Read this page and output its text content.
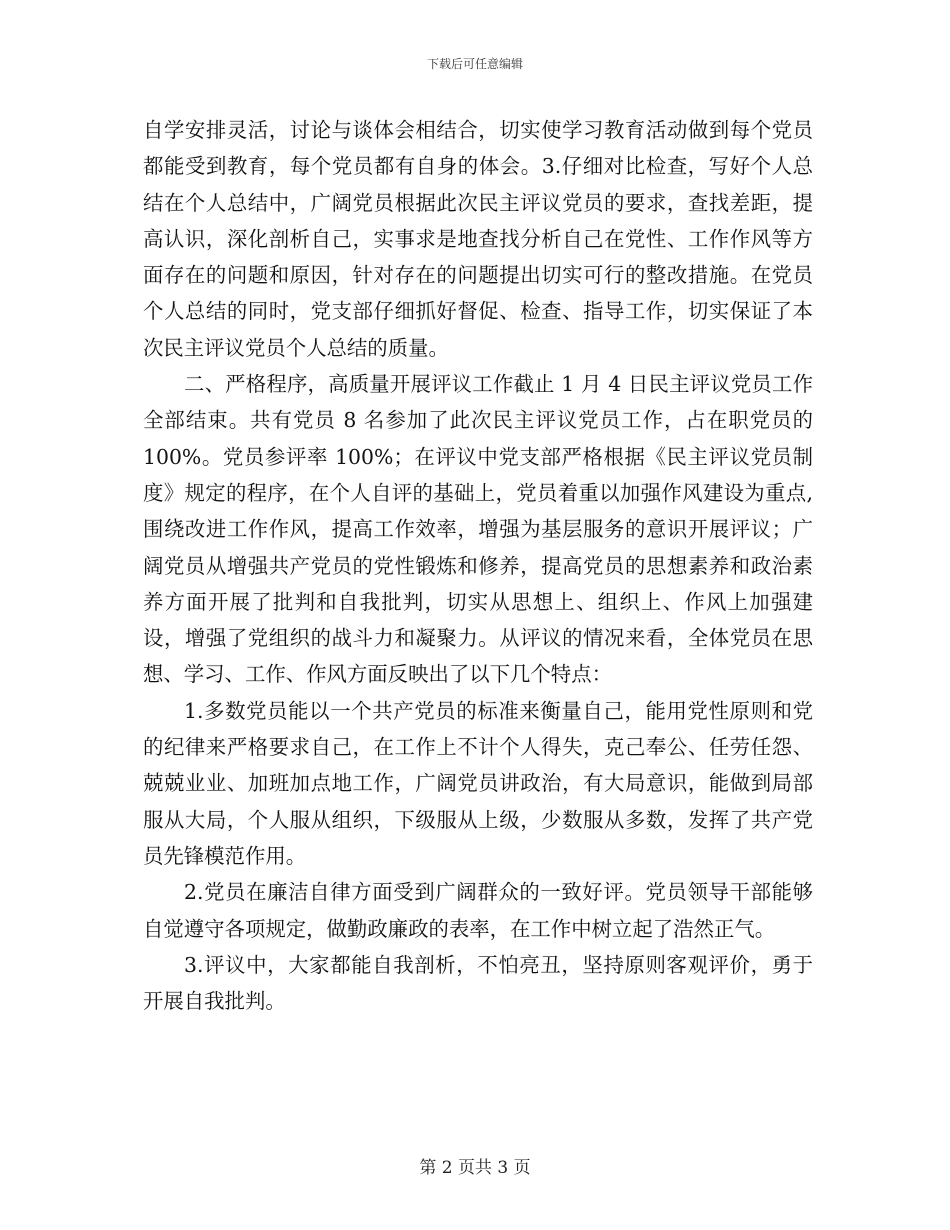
下载后可任意编辑

自学安排灵活，讨论与谈体会相结合，切实使学习教育活动做到每个党员都能受到教育，每个党员都有自身的体会。3.仔细对比检查，写好个人总结在个人总结中，广阔党员根据此次民主评议党员的要求，查找差距，提高认识，深化剖析自己，实事求是地查找分析自己在党性、工作作风等方面存在的问题和原因，针对存在的问题提出切实可行的整改措施。在党员个人总结的同时，党支部仔细抓好督促、检查、指导工作，切实保证了本次民主评议党员个人总结的质量。

二、严格程序，高质量开展评议工作截止 1 月 4 日民主评议党员工作全部结束。共有党员 8 名参加了此次民主评议党员工作，占在职党员的 100%。党员参评率 100%；在评议中党支部严格根据《民主评议党员制度》规定的程序，在个人自评的基础上，党员着重以加强作风建设为重点,围绕改进工作作风，提高工作效率，增强为基层服务的意识开展评议；广阔党员从增强共产党员的党性锻炼和修养，提高党员的思想素养和政治素养方面开展了批判和自我批判，切实从思想上、组织上、作风上加强建设，增强了党组织的战斗力和凝聚力。从评议的情况来看，全体党员在思想、学习、工作、作风方面反映出了以下几个特点：

1.多数党员能以一个共产党员的标准来衡量自己，能用党性原则和党的纪律来严格要求自己，在工作上不计个人得失，克己奉公、任劳任怨、兢兢业业、加班加点地工作，广阔党员讲政治，有大局意识，能做到局部服从大局，个人服从组织，下级服从上级，少数服从多数，发挥了共产党员先锋模范作用。

2.党员在廉洁自律方面受到广阔群众的一致好评。党员领导干部能够自觉遵守各项规定，做勤政廉政的表率，在工作中树立起了浩然正气。

3.评议中，大家都能自我剖析，不怕亮丑，坚持原则客观评价，勇于开展自我批判。

第 2 页共 3 页
